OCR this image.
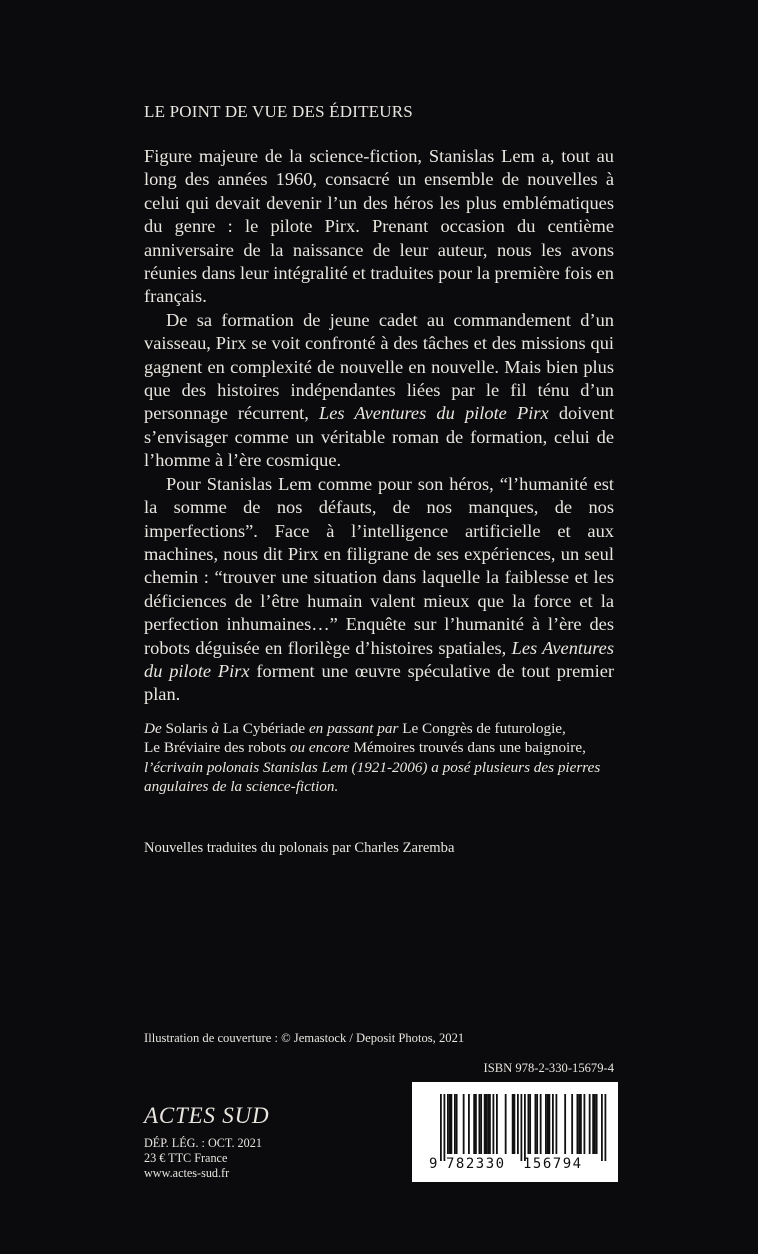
LE POINT DE VUE DES ÉDITEURS

Figure majeure de la science-fiction, Stanislas Lem a, tout au long des années 1960, consacré un ensemble de nouvelles à celui qui devait devenir l’un des héros les plus emblématiques du genre : le pilote Pirx. Prenant occasion du centième anniversaire de la naissance de leur auteur, nous les avons réunies dans leur intégralité et traduites pour la première fois en français.

De sa formation de jeune cadet au commandement d’un vaisseau, Pirx se voit confronté à des tâches et des missions qui gagnent en complexité de nouvelle en nouvelle. Mais bien plus que des histoires indépendantes liées par le fil ténu d’un personnage récurrent, Les Aventures du pilote Pirx doivent s’envisager comme un véritable roman de formation, celui de l’homme à l’ère cosmique.

Pour Stanislas Lem comme pour son héros, “l’humanité est la somme de nos défauts, de nos manques, de nos imperfections”. Face à l’intelligence artificielle et aux machines, nous dit Pirx en filigrane de ses expériences, un seul chemin : “trouver une situation dans laquelle la faiblesse et les déficiences de l’être humain valent mieux que la force et la perfection inhumaines…” Enquête sur l’humanité à l’ère des robots déguisée en florilège d’histoires spatiales, Les Aventures du pilote Pirx forment une œuvre spéculative de tout premier plan.

De Solaris à La Cybériade en passant par Le Congrès de futurologie,
Le Bréviaire des robots ou encore Mémoires trouvés dans une baignoire,
l’écrivain polonais Stanislas Lem (1921-2006) a posé plusieurs des pierres angulaires de la science-fiction.
Nouvelles traduites du polonais par Charles Zaremba
Illustration de couverture : © Jemastock / Deposit Photos, 2021
ISBN 978-2-330-15679-4
ACTES SUD
DÉP. LÉG. : OCT. 2021
23 € TTC France
www.actes-sud.fr
9 782330 156794
